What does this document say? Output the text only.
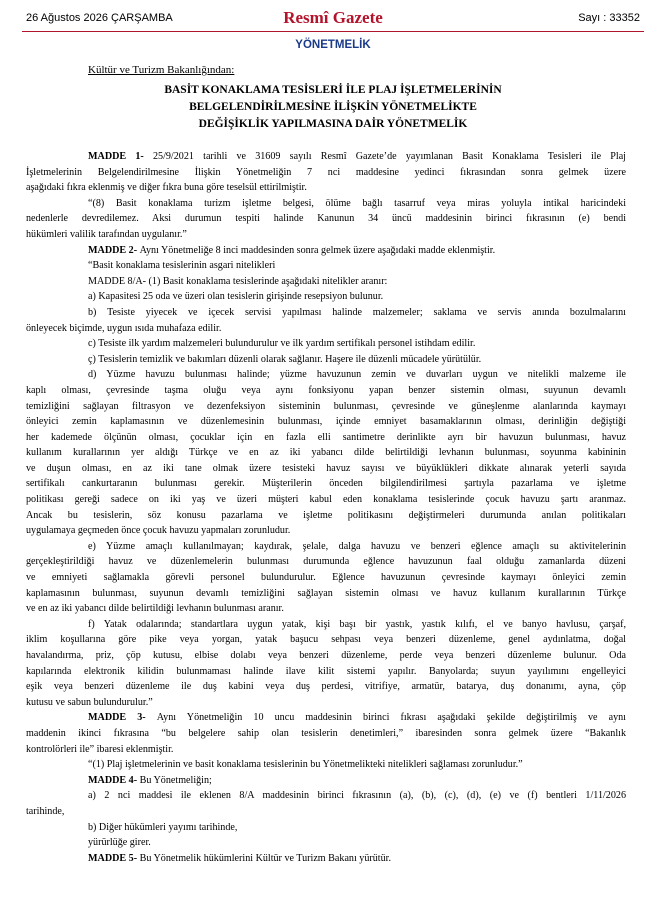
26 Ağustos 2026 ÇARŞAMBA	Resmî Gazete	Sayı : 33352
YÖNETMELİK
Kültür ve Turizm Bakanlığından:
BASİT KONAKLAMA TESİSLERİ İLE PLAJ İŞLETMELERİNİN
BELGELENDİRİLMESİNE İLİŞKİN YÖNETMELİKTE
DEĞİŞİKLİK YAPILMASINA DAİR YÖNETMELİK
MADDE 1- 25/9/2021 tarihli ve 31609 sayılı Resmî Gazete’de yayımlanan Basit Konaklama Tesisleri ile Plaj
İşletmelerinin Belgelendirilmesine İlişkin Yönetmeliğin 7 nci maddesine yedinci fıkrasından sonra gelmek üzere
aşağıdaki fıkra eklenmiş ve diğer fıkra buna göre teselsül ettirilmiştir.
“(8) Basit konaklama turizm işletme belgesi, ölüme bağlı tasarruf veya miras yoluyla intikal haricindeki
nedenlerle devredilemez. Aksi durumun tespiti halinde Kanunun 34 üncü maddesinin birinci fıkrasının (e) bendi
hükümleri valilik tarafından uygulanır.”
MADDE 2- Aynı Yönetmeliğe 8 inci maddesinden sonra gelmek üzere aşağıdaki madde eklenmiştir.
“Basit konaklama tesislerinin asgari nitelikleri
MADDE 8/A- (1) Basit konaklama tesislerinde aşağıdaki nitelikler aranır:
a) Kapasitesi 25 oda ve üzeri olan tesislerin girişinde resepsiyon bulunur.
b) Tesiste yiyecek ve içecek servisi yapılması halinde malzemeler; saklama ve servis anında bozulmalarını
önleyecek biçimde, uygun ısıda muhafaza edilir.
c) Tesiste ilk yardım malzemeleri bulundurulur ve ilk yardım sertifikalı personel istihdam edilir.
ç) Tesislerin temizlik ve bakımları düzenli olarak sağlanır. Haşere ile düzenli mücadele yürütülür.
d) Yüzme havuzu bulunması halinde; yüzme havuzunun zemin ve duvarları uygun ve nitelikli malzeme ile
kaplı olması, çevresinde taşma oluğu veya aynı fonksiyonu yapan benzer sistemin olması, suyunun devamlı
temizliğini sağlayan filtrasyon ve dezenfeksiyon sisteminin bulunması, çevresinde ve güneşlenme alanlarında kaymayı
önleyici zemin kaplamasının ve düzenlemesinin bulunması, içinde emniyet basamaklarının olması, derinliğin değiştiği
her kademede ölçünün olması, çocuklar için en fazla elli santimetre derinlikte ayrı bir havuzun bulunması, havuz
kullanım kurallarının yer aldığı Türkçe ve en az iki yabancı dilde belirtildiği levhanın bulunması, soyunma kabininin
ve duşun olması, en az iki tane olmak üzere tesisteki havuz sayısı ve büyüklükleri dikkate alınarak yeterli sayıda
sertifikalı cankurtaranın bulunması gerekir. Müşterilerin önceden bilgilendirilmesi şartıyla pazarlama ve işletme
politikası gereği sadece on iki yaş ve üzeri müşteri kabul eden konaklama tesislerinde çocuk havuzu şartı aranmaz.
Ancak bu tesislerin, söz konusu pazarlama ve işletme politikasını değiştirmeleri durumunda anılan politikaları
uygulamaya geçmeden önce çocuk havuzu yapmaları zorunludur.
e) Yüzme amaçlı kullanılmayan; kaydırak, şelale, dalga havuzu ve benzeri eğlence amaçlı su aktivitelerinin
gerçekleştirildiği havuz ve düzenlemelerin bulunması durumunda eğlence havuzunun faal olduğu zamanlarda düzeni
ve emniyeti sağlamakla görevli personel bulundurulur. Eğlence havuzunun çevresinde kaymayı önleyici zemin
kaplamasının bulunması, suyunun devamlı temizliğini sağlayan sistemin olması ve havuz kullanım kurallarının Türkçe
ve en az iki yabancı dilde belirtildiği levhanın bulunması aranır.
f) Yatak odalarında; standartlara uygun yatak, kişi başı bir yastık, yastık kılıfı, el ve banyo havlusu, çarşaf,
iklim koşullarına göre pike veya yorgan, yatak başucu sehpası veya benzeri düzenleme, genel aydınlatma, doğal
havalandırma, priz, çöp kutusu, elbise dolabı veya benzeri düzenleme, perde veya benzeri düzenleme bulunur. Oda
kapılarında elektronik kilidin bulunmaması halinde ilave kilit sistemi yapılır. Banyolarda; suyun yayılımını engelleyici
eşik veya benzeri düzenleme ile duş kabini veya duş perdesi, vitrifiye, armatür, batarya, duş donanımı, ayna, çöp
kutusu ve sabun bulundurulur.”
MADDE 3- Aynı Yönetmeliğin 10 uncu maddesinin birinci fıkrası aşağıdaki şekilde değiştirilmiş ve aynı
maddenin ikinci fıkrasına “bu belgelere sahip olan tesislerin denetimleri,” ibaresinden sonra gelmek üzere “Bakanlık
kontrolörleri ile” ibaresi eklenmiştir.
“(1) Plaj işletmelerinin ve basit konaklama tesislerinin bu Yönetmelikteki nitelikleri sağlaması zorunludur.”
MADDE 4- Bu Yönetmeliğin;
a) 2 nci maddesi ile eklenen 8/A maddesinin birinci fıkrasının (a), (b), (c), (d), (e) ve (f) bentleri 1/11/2026
tarihinde,
b) Diğer hükümleri yayımı tarihinde,
yürürlüğe girer.
MADDE 5- Bu Yönetmelik hükümlerini Kültür ve Turizm Bakanı yürütür.
